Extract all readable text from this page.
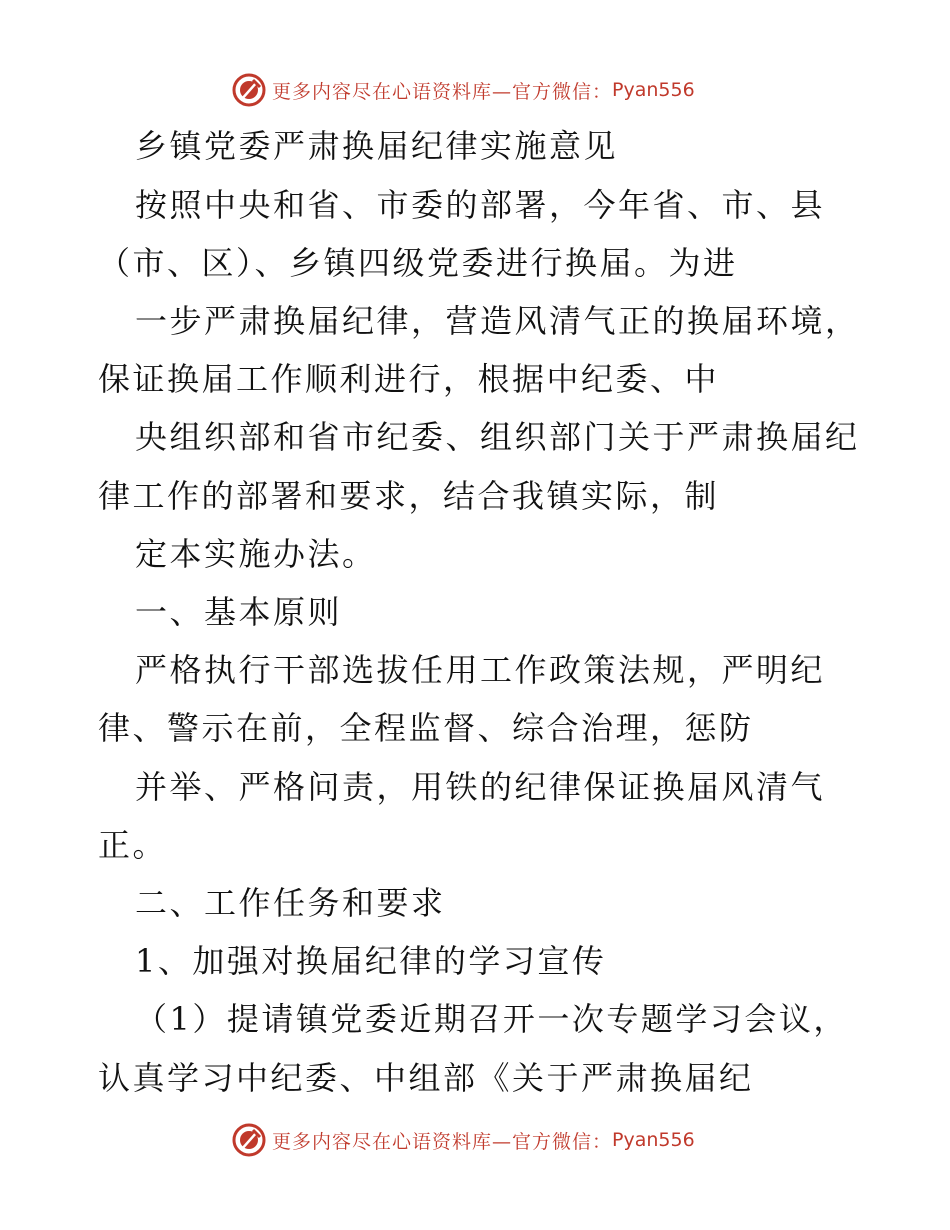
更多内容尽在心语资料库—官方微信： Pyan556
乡镇党委严肃换届纪律实施意见
按照中央和省、市委的部署，今年省、市、县
（市、区）、乡镇四级党委进行换届。为进
一步严肃换届纪律，营造风清气正的换届环境，
保证换届工作顺利进行，根据中纪委、中
央组织部和省市纪委、组织部门关于严肃换届纪
律工作的部署和要求，结合我镇实际，制
定本实施办法。
一、基本原则
严格执行干部选拔任用工作政策法规，严明纪
律、警示在前，全程监督、综合治理，惩防
并举、严格问责，用铁的纪律保证换届风清气
正。
二、工作任务和要求
1、加强对换届纪律的学习宣传
（1）提请镇党委近期召开一次专题学习会议，
认真学习中纪委、中组部《关于严肃换届纪
更多内容尽在心语资料库—官方微信： Pyan556
